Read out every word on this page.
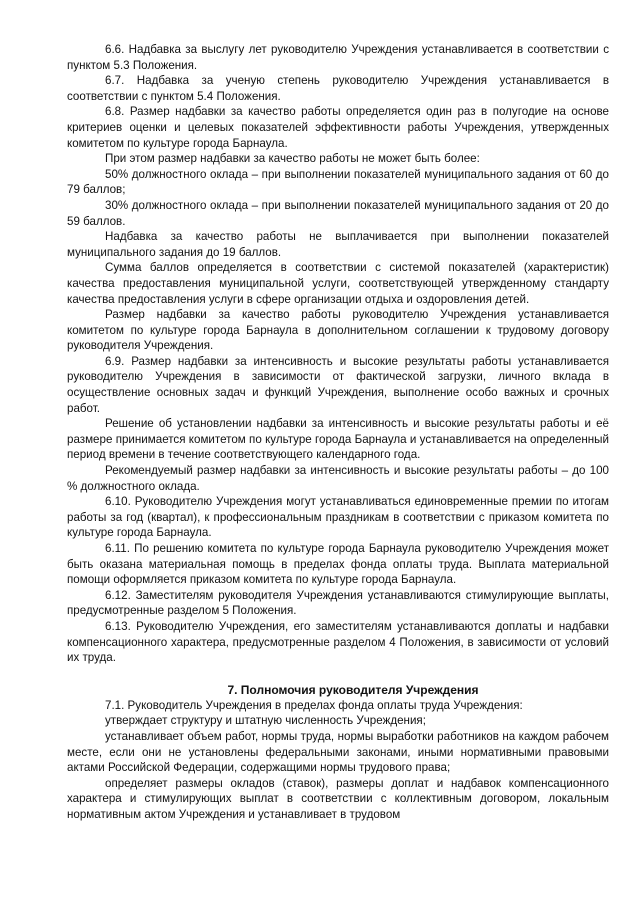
6.6. Надбавка за выслугу лет руководителю Учреждения устанавливается в соответствии с пунктом 5.3 Положения.

6.7. Надбавка за ученую степень руководителю Учреждения устанавливается в соответствии с пунктом 5.4 Положения.

6.8. Размер надбавки за качество работы определяется один раз в полугодие на основе критериев оценки и целевых показателей эффективности работы Учреждения, утвержденных комитетом по культуре города Барнаула.

При этом размер надбавки за качество работы не может быть более:

50% должностного оклада – при выполнении показателей муниципального задания от 60 до 79 баллов;

30% должностного оклада – при выполнении показателей муниципального задания от 20 до 59 баллов.

Надбавка за качество работы не выплачивается при выполнении показателей муниципального задания до 19 баллов.

Сумма баллов определяется в соответствии с системой показателей (характеристик) качества предоставления муниципальной услуги, соответствующей утвержденному стандарту качества предоставления услуги в сфере организации отдыха и оздоровления детей.

Размер надбавки за качество работы руководителю Учреждения устанавливается комитетом по культуре города Барнаула в дополнительном соглашении к трудовому договору руководителя Учреждения.

6.9. Размер надбавки за интенсивность и высокие результаты работы устанавливается руководителю Учреждения в зависимости от фактической загрузки, личного вклада в осуществление основных задач и функций Учреждения, выполнение особо важных и срочных работ.

Решение об установлении надбавки за интенсивность и высокие результаты работы и её размере принимается комитетом по культуре города Барнаула и устанавливается на определенный период времени в течение соответствующего календарного года.

Рекомендуемый размер надбавки за интенсивность и высокие результаты работы – до 100 % должностного оклада.

6.10. Руководителю Учреждения могут устанавливаться единовременные премии по итогам работы за год (квартал), к профессиональным праздникам в соответствии с приказом комитета по культуре города Барнаула.

6.11. По решению комитета по культуре города Барнаула руководителю Учреждения может быть оказана материальная помощь в пределах фонда оплаты труда. Выплата материальной помощи оформляется приказом комитета по культуре города Барнаула.

6.12. Заместителям руководителя Учреждения устанавливаются стимулирующие выплаты, предусмотренные разделом 5 Положения.

6.13. Руководителю Учреждения, его заместителям устанавливаются доплаты и надбавки компенсационного характера, предусмотренные разделом 4 Положения, в зависимости от условий их труда.

7. Полномочия руководителя Учреждения

7.1. Руководитель Учреждения в пределах фонда оплаты труда Учреждения:

утверждает структуру и штатную численность Учреждения;

устанавливает объем работ, нормы труда, нормы выработки работников на каждом рабочем месте, если они не установлены федеральными законами, иными нормативными правовыми актами Российской Федерации, содержащими нормы трудового права;

определяет размеры окладов (ставок), размеры доплат и надбавок компенсационного характера и стимулирующих выплат в соответствии с коллективным договором, локальным нормативным актом Учреждения и устанавливает в трудовом
